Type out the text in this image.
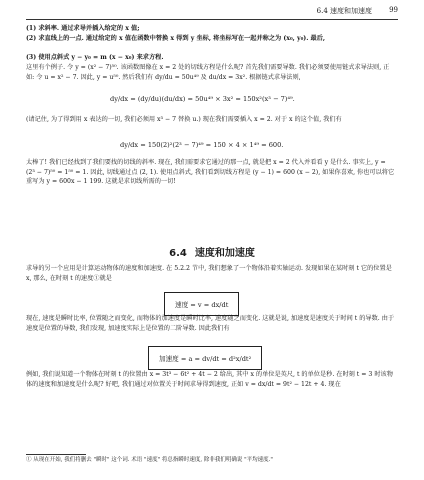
6.4 速度和加速度 99
(1) 求斜率. 通过求导并插入给定的 x 值;
(2) 求直线上的一点. 通过给定的 x 值在函数中替换 x 得到 y 坐标, 将坐标写在一起并称之为 (x₀, y₀). 最后,
(3) 使用点斜式 y − y₀ = m (x − x₀) 来求方程.
这里有个例子. 令 y = (x² − 7)⁵⁰. 该函数图像在 x = 2 处的切线方程是什么呢? 首先我们需要导数. 我们必须要使用链式求导法则, 正如: 令 u = x² − 7. 因此, y = u⁵⁰. 然后我们有 dy/du = 50u⁴⁹ 及 du/dx = 3x². 根据链式求导法则,
dy/dx = (dy/du)(du/dx) = 50u⁴⁹ × 3x² = 150x²(x³ − 7)⁴⁹.
(请记住, 为了得到用 x 表达的一切, 我们必须用 x³ − 7 替换 u.) 现在我们需要插入 x = 2. 对于 x 的这个值, 我们有
dy/dx = 150(2)²(2³ − 7)⁴⁹ = 150 × 4 × 1⁴⁹ = 600.
太棒了! 我们已经找到了我们要找的切线的斜率. 现在, 我们需要求它通过的那一点, 就是把 x = 2 代入并看看 y 是什么. 事实上, y = (2³ − 7)⁵⁰ = 1⁵⁰ = 1. 因此, 切线通过点 (2, 1). 使用点斜式, 我们看到切线方程是 (y − 1) = 600 (x − 2), 如果你喜欢, 你也可以将它重写为 y = 600x − 1 199. 这就是求切线所需的一切!
6.4 速度和加速度
求导的另一个应用是计算运动物体的速度和加速度. 在 5.2.2 节中, 我们想象了一个物体沿着实轴运动. 发现如果在某时刻 t 它的位置是 x, 那么, 在时刻 t 的速度①就是
速度 = v = dx/dt
现在, 速度是瞬时比率, 位置随之而变化, 而物体的加速度是瞬时比率, 速度随之而变化. 这就是说, 加速度是速度关于时间 t 的导数. 由于速度是位置的导数, 我们发现, 加速度实际上是位置的二阶导数. 因此我们有
加速度 = a = dv/dt = d²x/dt²
例如, 我们说知道一个物体在时刻 t 的位置由 x = 3t³ − 6t² + 4t − 2 给出, 其中 x 的单位是英尺, t 的单位是秒. 在时刻 t = 3 时该物体的速度和加速度是什么呢? 好吧, 我们通过对位置关于时间求导得到速度, 正如 v = dx/dt = 9t² − 12t + 4. 现在
① 从现在开始, 我们将删去 "瞬时" 这个词. 术语 "速度" 将总指瞬时速度, 除非我们明确说 "平均速度."
